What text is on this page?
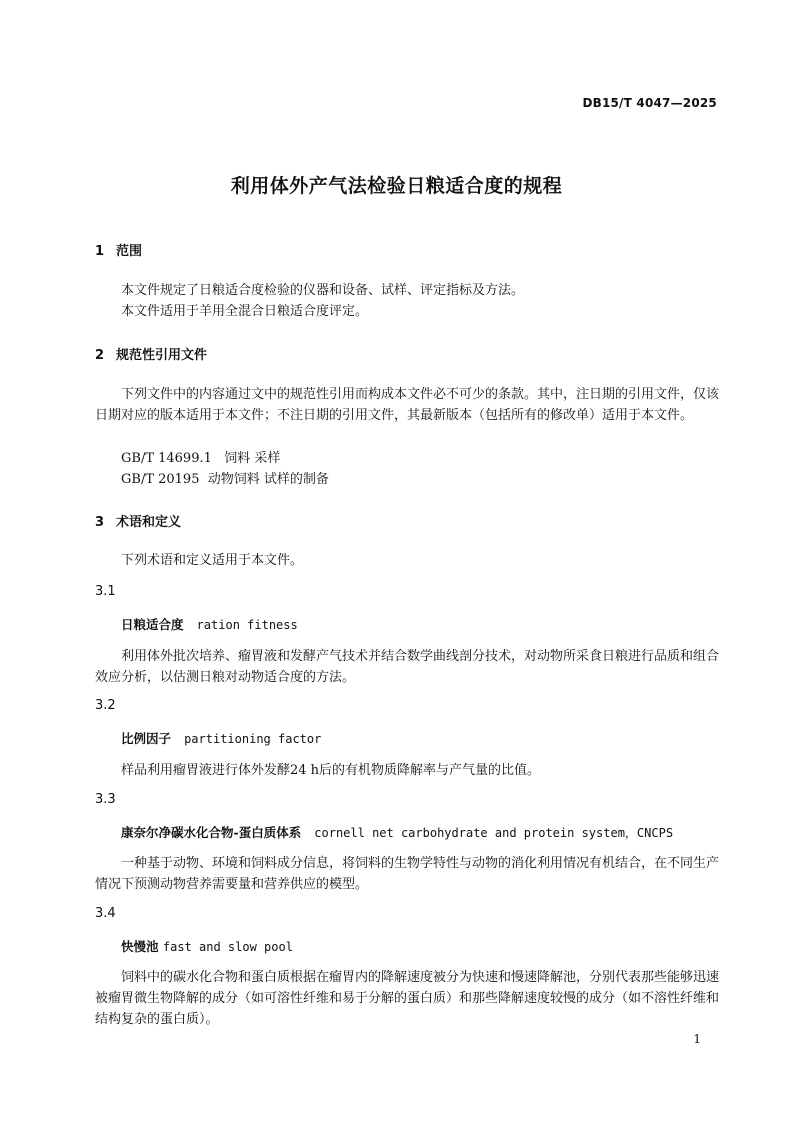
DB15/T 4047—2025
利用体外产气法检验日粮适合度的规程
1 范围
本文件规定了日粮适合度检验的仪器和设备、试样、评定指标及方法。
本文件适用于羊用全混合日粮适合度评定。
2 规范性引用文件
下列文件中的内容通过文中的规范性引用而构成本文件必不可少的条款。其中，注日期的引用文件，仅该日期对应的版本适用于本文件；不注日期的引用文件，其最新版本（包括所有的修改单）适用于本文件。
GB/T 14699.1 饲料 采样
GB/T 20195 动物饲料 试样的制备
3 术语和定义
下列术语和定义适用于本文件。
3.1
日粮适合度 ration fitness
利用体外批次培养、瘤胃液和发酵产气技术并结合数学曲线剖分技术，对动物所采食日粮进行品质和组合效应分析，以估测日粮对动物适合度的方法。
3.2
比例因子 partitioning factor
样品利用瘤胃液进行体外发酵24 h后的有机物质降解率与产气量的比值。
3.3
康奈尔净碳水化合物-蛋白质体系 cornell net carbohydrate and protein system，CNCPS
一种基于动物、环境和饲料成分信息，将饲料的生物学特性与动物的消化利用情况有机结合，在不同生产情况下预测动物营养需要量和营养供应的模型。
3.4
快慢池 fast and slow pool
饲料中的碳水化合物和蛋白质根据在瘤胃内的降解速度被分为快速和慢速降解池，分别代表那些能够迅速被瘤胃微生物降解的成分（如可溶性纤维和易于分解的蛋白质）和那些降解速度较慢的成分（如不溶性纤维和结构复杂的蛋白质）。
1
